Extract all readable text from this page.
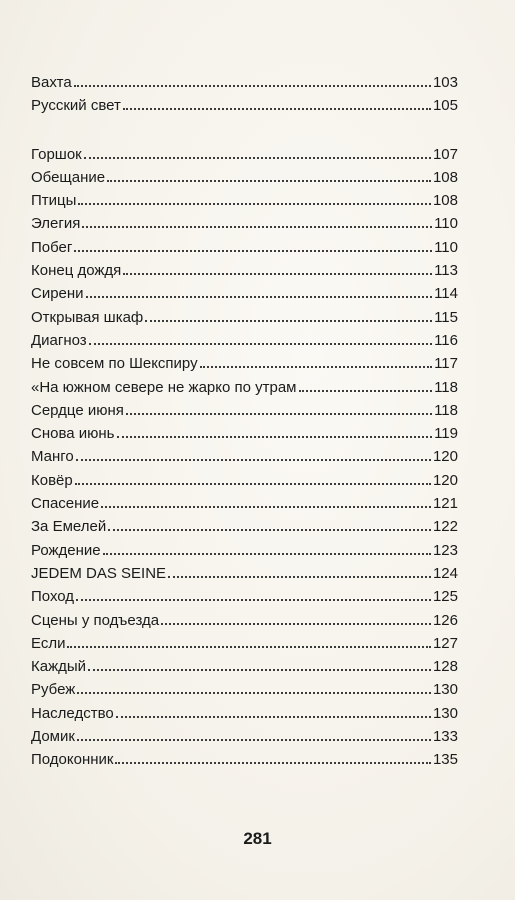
Вахта	103
Русский свет	105
Горшок	107
Обещание	108
Птицы	108
Элегия	110
Побег	110
Конец дождя	113
Сирени	114
Открывая шкаф	115
Диагноз	116
Не совсем по Шекспиру	117
«На южном севере не жарко по утрам	118
Сердце июня	118
Снова июнь	119
Манго	120
Ковёр	120
Спасение	121
За Емелей	122
Рождение	123
JEDEM DAS SEINE	124
Поход	125
Сцены у подъезда	126
Если	127
Каждый	128
Рубеж	130
Наследство	130
Домик	133
Подоконник	135
281
